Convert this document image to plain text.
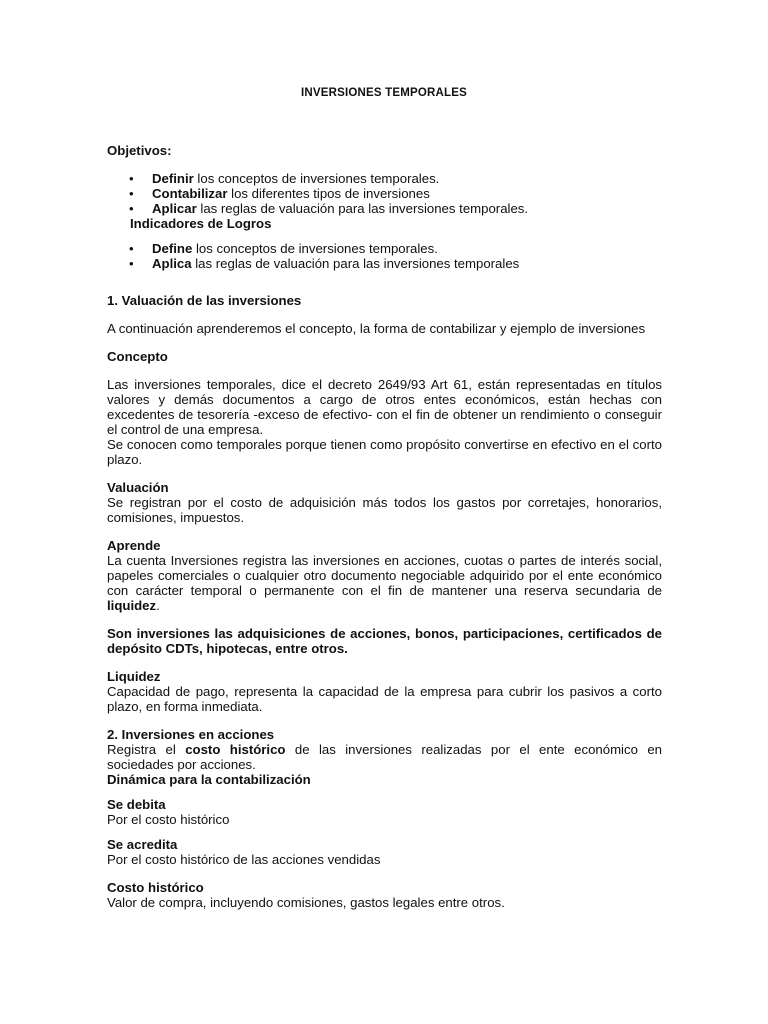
INVERSIONES TEMPORALES
Objetivos:
• Definir los conceptos de inversiones temporales.
• Contabilizar los diferentes tipos de inversiones
• Aplicar las reglas de valuación para las inversiones temporales.
Indicadores de Logros
• Define los conceptos de inversiones temporales.
• Aplica las reglas de valuación para las inversiones temporales
1. Valuación de las inversiones
A continuación aprenderemos el concepto, la forma de contabilizar y ejemplo de inversiones
Concepto
Las inversiones temporales, dice el decreto 2649/93 Art 61, están representadas en títulos valores y demás documentos a cargo de otros entes económicos, están hechas con excedentes de tesorería -exceso de efectivo- con el fin de obtener un rendimiento o conseguir el control de una empresa.
Se conocen como temporales porque tienen como propósito convertirse en efectivo en el corto plazo.
Valuación
Se registran por el costo de adquisición más todos los gastos por corretajes, honorarios, comisiones, impuestos.
Aprende
La cuenta Inversiones registra las inversiones en acciones, cuotas o partes de interés social, papeles comerciales o cualquier otro documento negociable adquirido por el ente económico con carácter temporal o permanente con el fin de mantener una reserva secundaria de liquidez.
Son inversiones las adquisiciones de acciones, bonos, participaciones, certificados de depósito CDTs, hipotecas, entre otros.
Liquidez
Capacidad de pago, representa la capacidad de la empresa para cubrir los pasivos a corto plazo, en forma inmediata.
2. Inversiones en acciones
Registra el costo histórico de las inversiones realizadas por el ente económico en sociedades por acciones.
Dinámica para la contabilización
Se debita
Por el costo histórico
Se acredita
Por el costo histórico de las acciones vendidas
Costo histórico
Valor de compra, incluyendo comisiones, gastos legales entre otros.
